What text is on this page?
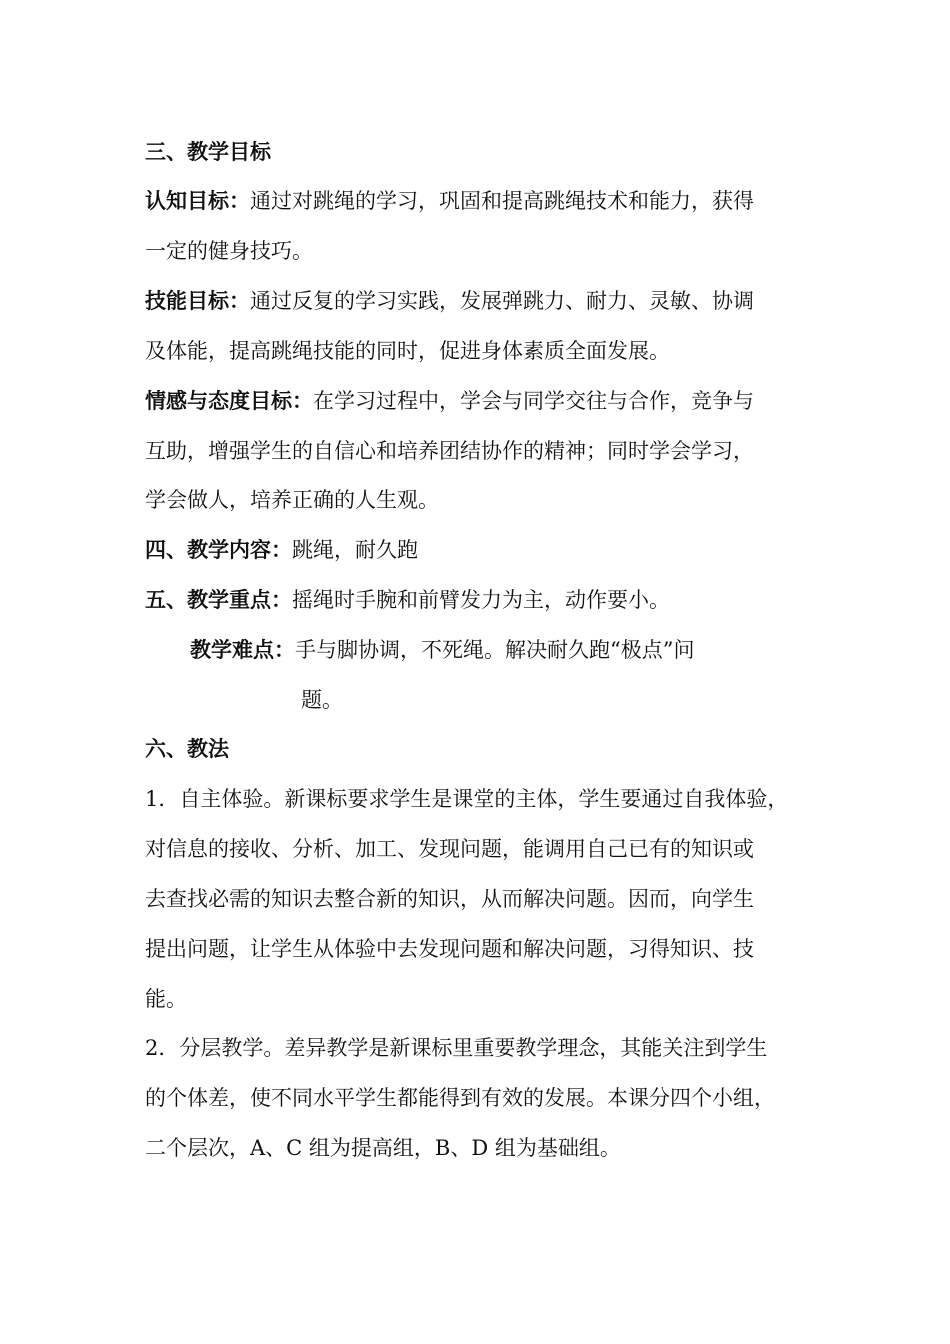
三、教学目标
认知目标：通过对跳绳的学习，巩固和提高跳绳技术和能力，获得
一定的健身技巧。
技能目标：通过反复的学习实践，发展弹跳力、耐力、灵敏、协调
及体能，提高跳绳技能的同时，促进身体素质全面发展。
情感与态度目标：在学习过程中，学会与同学交往与合作，竞争与
互助，增强学生的自信心和培养团结协作的精神；同时学会学习，
学会做人，培养正确的人生观。
四、教学内容：跳绳，耐久跑
五、教学重点：摇绳时手腕和前臂发力为主，动作要小。
教学难点：手与脚协调，不死绳。解决耐久跑“极点”问
题。
六、教法
1．自主体验。新课标要求学生是课堂的主体，学生要通过自我体验，
对信息的接收、分析、加工、发现问题，能调用自己已有的知识或
去查找必需的知识去整合新的知识，从而解决问题。因而，向学生
提出问题，让学生从体验中去发现问题和解决问题，习得知识、技
能。
2．分层教学。差异教学是新课标里重要教学理念，其能关注到学生
的个体差，使不同水平学生都能得到有效的发展。本课分四个小组，
二个层次，A、C 组为提高组，B、D 组为基础组。
